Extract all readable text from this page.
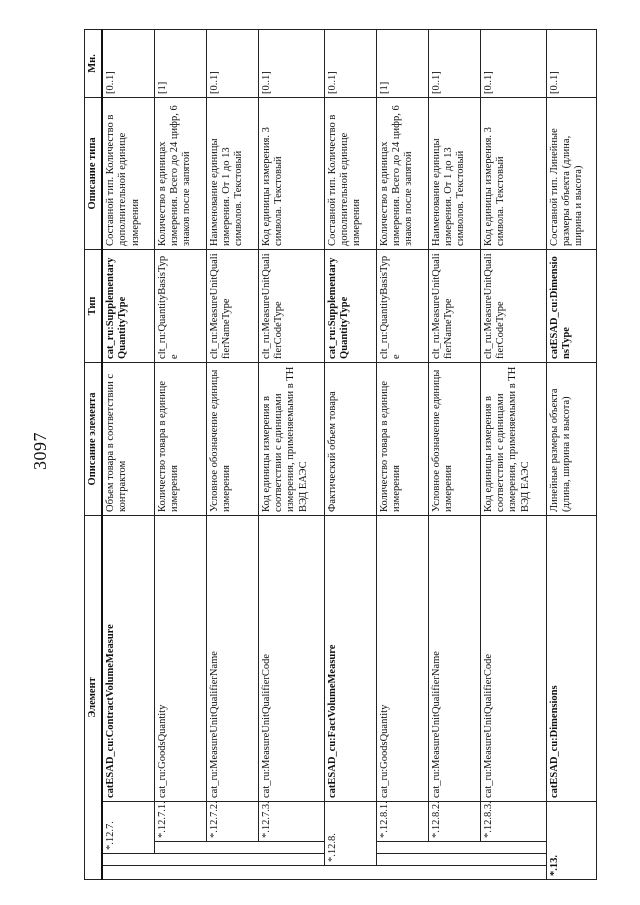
3097
Элемент					Описание элемента	Тип	Описание типа	Мн.
		*.12.7.		catESAD_cu:ContractVolumeMeasure	Объем товара в соответствии с контрактом	cat_ru:SupplementaryQuantityType	Составной тип. Количество в дополнительной единице измерения	[0..1]
			*.12.7.1.	cat_ru:GoodsQuantity	Количество товара в единице измерения	clt_ru:QuantityBasisType	Количество в единицах измерения. Всего до 24 цифр, 6 знаков после запятой	[1]
			*.12.7.2.	cat_ru:MeasureUnitQualifierName	Условное обозначение единицы измерения	clt_ru:MeasureUnitQualifierNameType	Наименование единицы измерения. От 1 до 13 символов. Текстовый	[0..1]
			*.12.7.3.	cat_ru:MeasureUnitQualifierCode	Код единицы измерения в соответствии с единицами измерения, применяемыми в ТН ВЭД ЕАЭС	clt_ru:MeasureUnitQualifierCodeType	Код единицы измерения. 3 символа. Текстовый	[0..1]
	*.12.8.			catESAD_cu:FactVolumeMeasure	Фактический объем товара	cat_ru:SupplementaryQuantityType	Составной тип. Количество в дополнительной единице измерения	[0..1]
			*.12.8.1.	cat_ru:GoodsQuantity	Количество товара в единице измерения	clt_ru:QuantityBasisType	Количество в единицах измерения. Всего до 24 цифр, 6 знаков после запятой	[1]
			*.12.8.2.	cat_ru:MeasureUnitQualifierName	Условное обозначение единицы измерения	clt_ru:MeasureUnitQualifierNameType	Наименование единицы измерения. От 1 до 13 символов. Текстовый	[0..1]
			*.12.8.3.	cat_ru:MeasureUnitQualifierCode	Код единицы измерения в соответствии с единицами измерения, применяемыми в ТН ВЭД ЕАЭС	clt_ru:MeasureUnitQualifierCodeType	Код единицы измерения. 3 символа. Текстовый	[0..1]
*.13.				catESAD_cu:Dimensions	Линейные размеры объекта (длина, ширина и высота)	catESAD_cu:DimensionsType	Составной тип. Линейные размеры объекта (длина, ширина и высота)	[0..1]
